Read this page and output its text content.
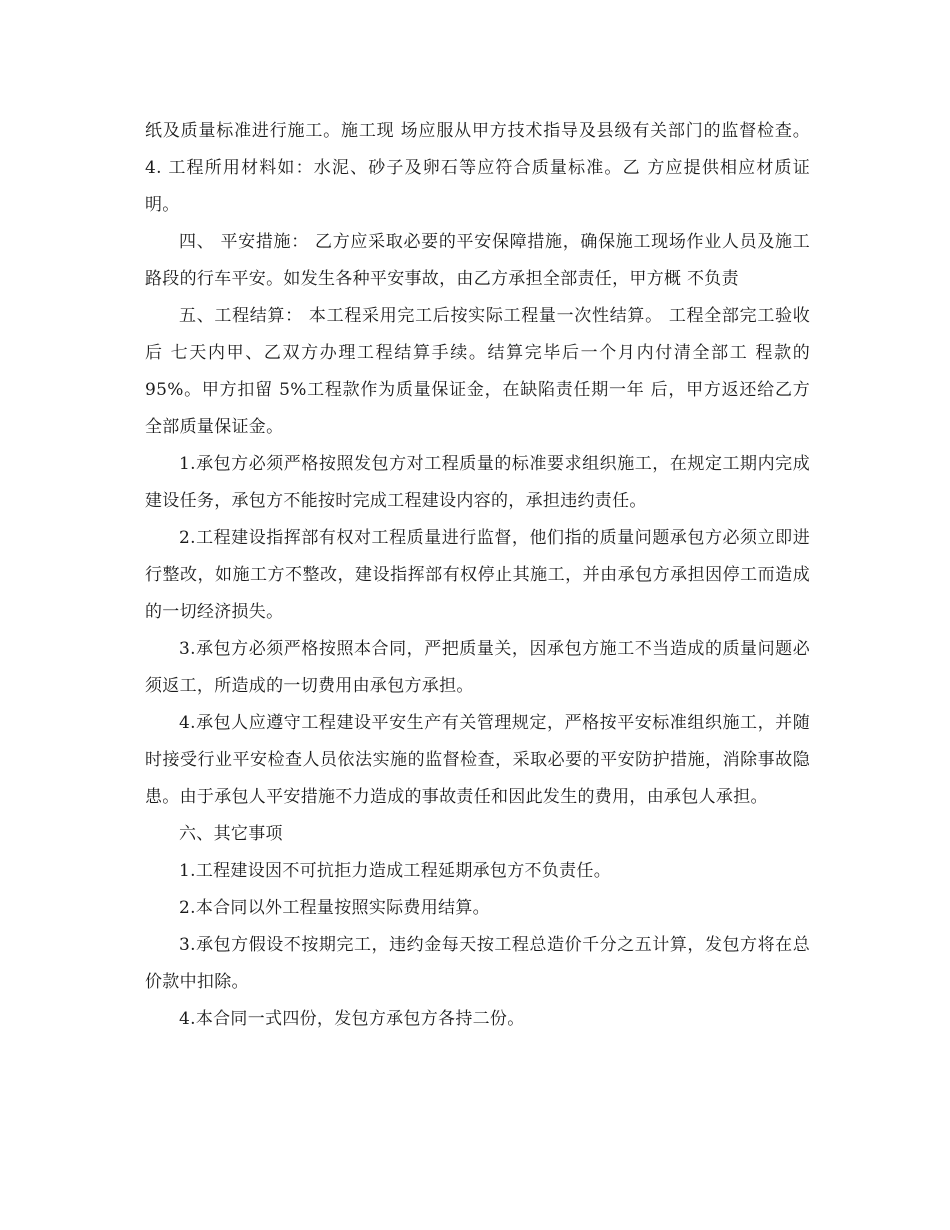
纸及质量标准进行施工。施工现 场应服从甲方技术指导及县级有关部门的监督检查。 4. 工程所用材料如：水泥、砂子及卵石等应符合质量标准。乙 方应提供相应材质证明。

四、 平安措施： 乙方应采取必要的平安保障措施，确保施工现场作业人员及施工 路段的行车平安。如发生各种平安事故，由乙方承担全部责任，甲方概 不负责

五、工程结算： 本工程采用完工后按实际工程量一次性结算。 工程全部完工验收后 七天内甲、乙双方办理工程结算手续。结算完毕后一个月内付清全部工 程款的 95%。甲方扣留 5%工程款作为质量保证金，在缺陷责任期一年 后，甲方返还给乙方全部质量保证金。

1.承包方必须严格按照发包方对工程质量的标准要求组织施工，在规定工期内完成建设任务，承包方不能按时完成工程建设内容的，承担违约责任。

2.工程建设指挥部有权对工程质量进行监督，他们指的质量问题承包方必须立即进行整改，如施工方不整改，建设指挥部有权停止其施工，并由承包方承担因停工而造成的一切经济损失。

3.承包方必须严格按照本合同，严把质量关，因承包方施工不当造成的质量问题必须返工，所造成的一切费用由承包方承担。

4.承包人应遵守工程建设平安生产有关管理规定，严格按平安标准组织施工，并随时接受行业平安检查人员依法实施的监督检查，采取必要的平安防护措施，消除事故隐患。由于承包人平安措施不力造成的事故责任和因此发生的费用，由承包人承担。

六、其它事项

1.工程建设因不可抗拒力造成工程延期承包方不负责任。

2.本合同以外工程量按照实际费用结算。

3.承包方假设不按期完工，违约金每天按工程总造价千分之五计算，发包方将在总价款中扣除。

4.本合同一式四份，发包方承包方各持二份。
